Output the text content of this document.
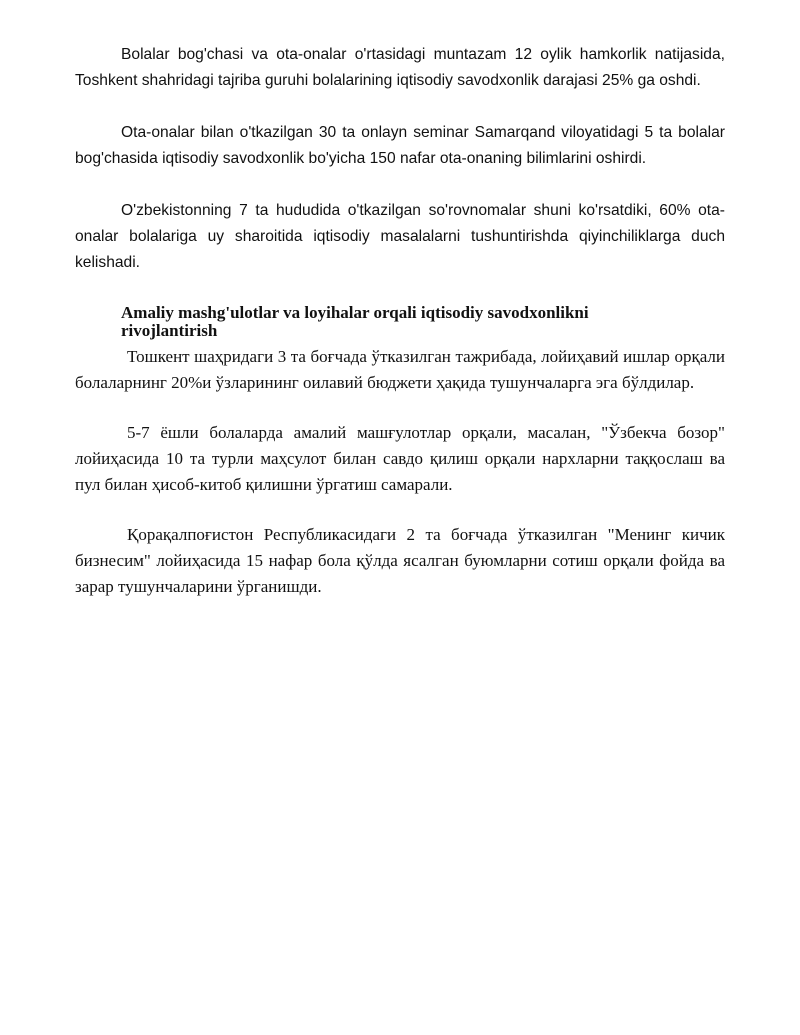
Bolalar bog'chasi va ota-onalar o'rtasidagi muntazam 12 oylik hamkorlik natijasida, Toshkent shahridagi tajriba guruhi bolalarining iqtisodiy savodxonlik darajasi 25% ga oshdi.

Ota-onalar bilan o'tkazilgan 30 ta onlayn seminar Samarqand viloyatidagi 5 ta bolalar bog'chasida iqtisodiy savodxonlik bo'yicha 150 nafar ota-onaning bilimlarini oshirdi.

O'zbekistonning 7 ta hududida o'tkazilgan so'rovnomalar shuni ko'rsatdiki, 60% ota-onalar bolalariga uy sharoitida iqtisodiy masalalarni tushuntirishda qiyinchiliklarga duch kelishadi.

Amaliy mashg'ulotlar va loyihalar orqali iqtisodiy savodxonlikni rivojlantirish

Тошкент шаҳридаги 3 та боғчада ўтказилган тажрибада, лойиҳавий ишлар орқали болаларнинг 20%и ўзларининг оилавий бюджети ҳақида тушунчаларга эга бўлдилар.

5-7 ёшли болаларда амалий машғулотлар орқали, масалан, "Ўзбекча бозор" лойиҳасида 10 та турли маҳсулот билан савдо қилиш орқали нархларни таққослаш ва пул билан ҳисоб-китоб қилишни ўргатиш самарали.

Қорақалпоғистон Республикасидаги 2 та боғчада ўтказилган "Менинг кичик бизнесим" лойиҳасида 15 нафар бола қўлда ясалган буюмларни сотиш орқали фойда ва зарар тушунчаларини ўрганишди.
